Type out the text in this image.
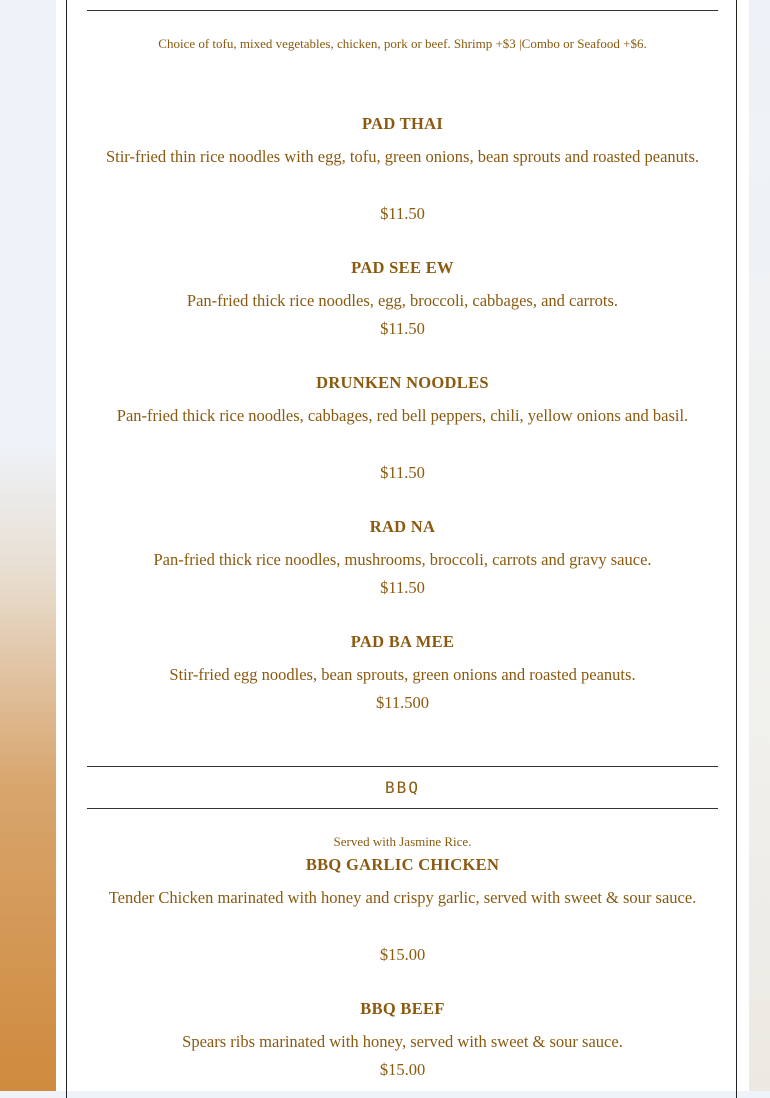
Choice of tofu, mixed vegetables, chicken, pork or beef. Shrimp +$3 |Combo or Seafood +$6.
PAD THAI
Stir-fried thin rice noodles with egg, tofu, green onions, bean sprouts and roasted peanuts.
$11.50
PAD SEE EW
Pan-fried thick rice noodles, egg, broccoli, cabbages, and carrots.
$11.50
DRUNKEN NOODLES
Pan-fried thick rice noodles, cabbages, red bell peppers, chili, yellow onions and basil.
$11.50
RAD NA
Pan-fried thick rice noodles, mushrooms, broccoli, carrots and gravy sauce.
$11.50
PAD BA MEE
Stir-fried egg noodles, bean sprouts, green onions and roasted peanuts.
$11.500
BBQ
Served with Jasmine Rice.
BBQ GARLIC CHICKEN
Tender Chicken marinated with honey and crispy garlic, served with sweet & sour sauce.
$15.00
BBQ BEEF
Spears ribs marinated with honey, served with sweet & sour sauce.
$15.00
